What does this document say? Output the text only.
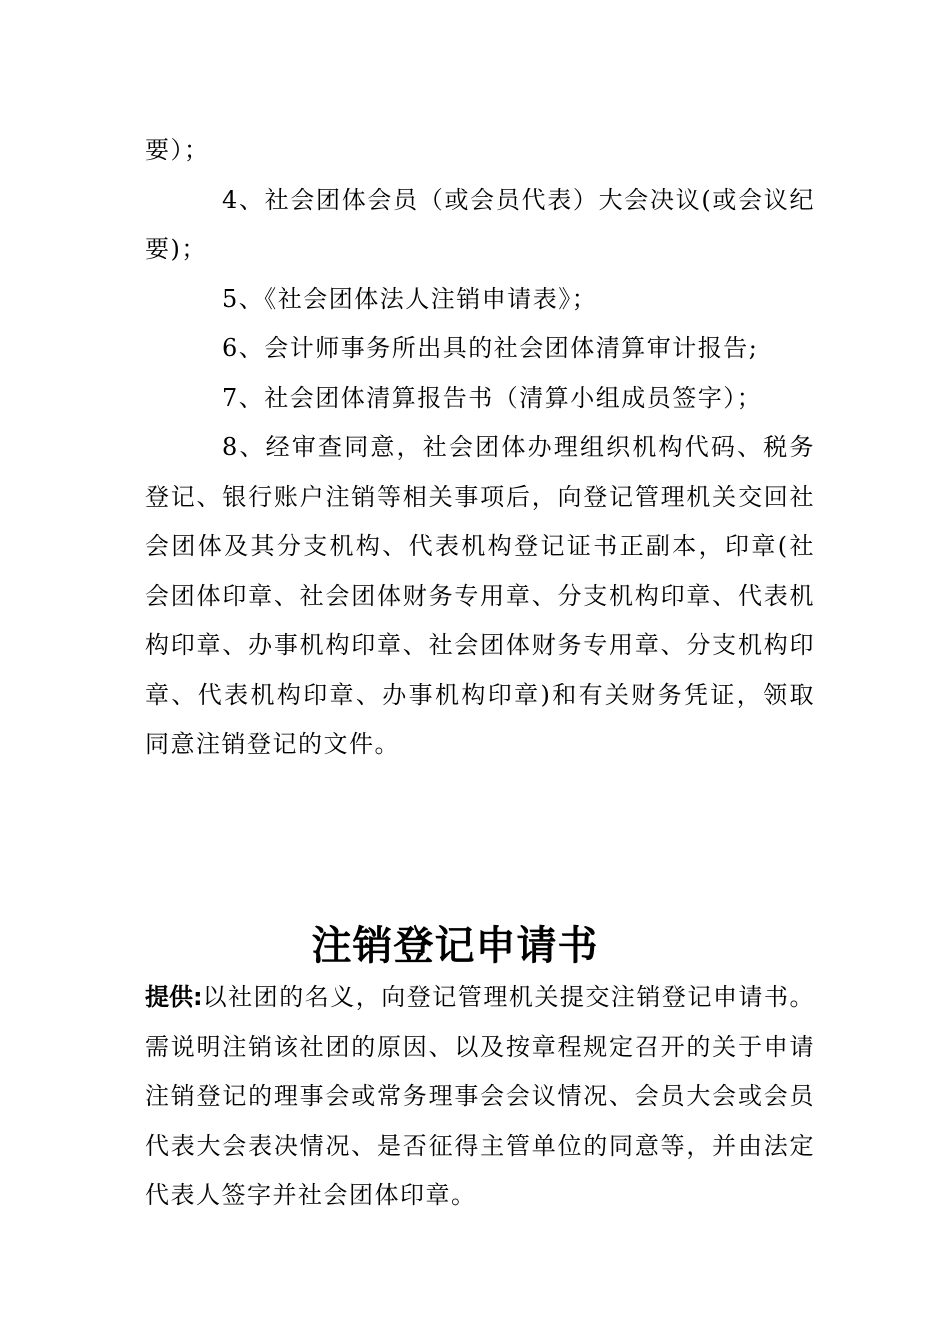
要）；

4、社会团体会员（或会员代表）大会决议(或会议纪要)；

5、《社会团体法人注销申请表》；

6、会计师事务所出具的社会团体清算审计报告;

7、社会团体清算报告书（清算小组成员签字）；

8、经审查同意，社会团体办理组织机构代码、税务登记、银行账户注销等相关事项后，向登记管理机关交回社会团体及其分支机构、代表机构登记证书正副本，印章(社会团体印章、社会团体财务专用章、分支机构印章、代表机构印章、办事机构印章、社会团体财务专用章、分支机构印章、代表机构印章、办事机构印章)和有关财务凭证，领取同意注销登记的文件。

注销登记申请书

提供:以社团的名义，向登记管理机关提交注销登记申请书。需说明注销该社团的原因、以及按章程规定召开的关于申请注销登记的理事会或常务理事会会议情况、会员大会或会员代表大会表决情况、是否征得主管单位的同意等，并由法定代表人签字并社会团体印章。
